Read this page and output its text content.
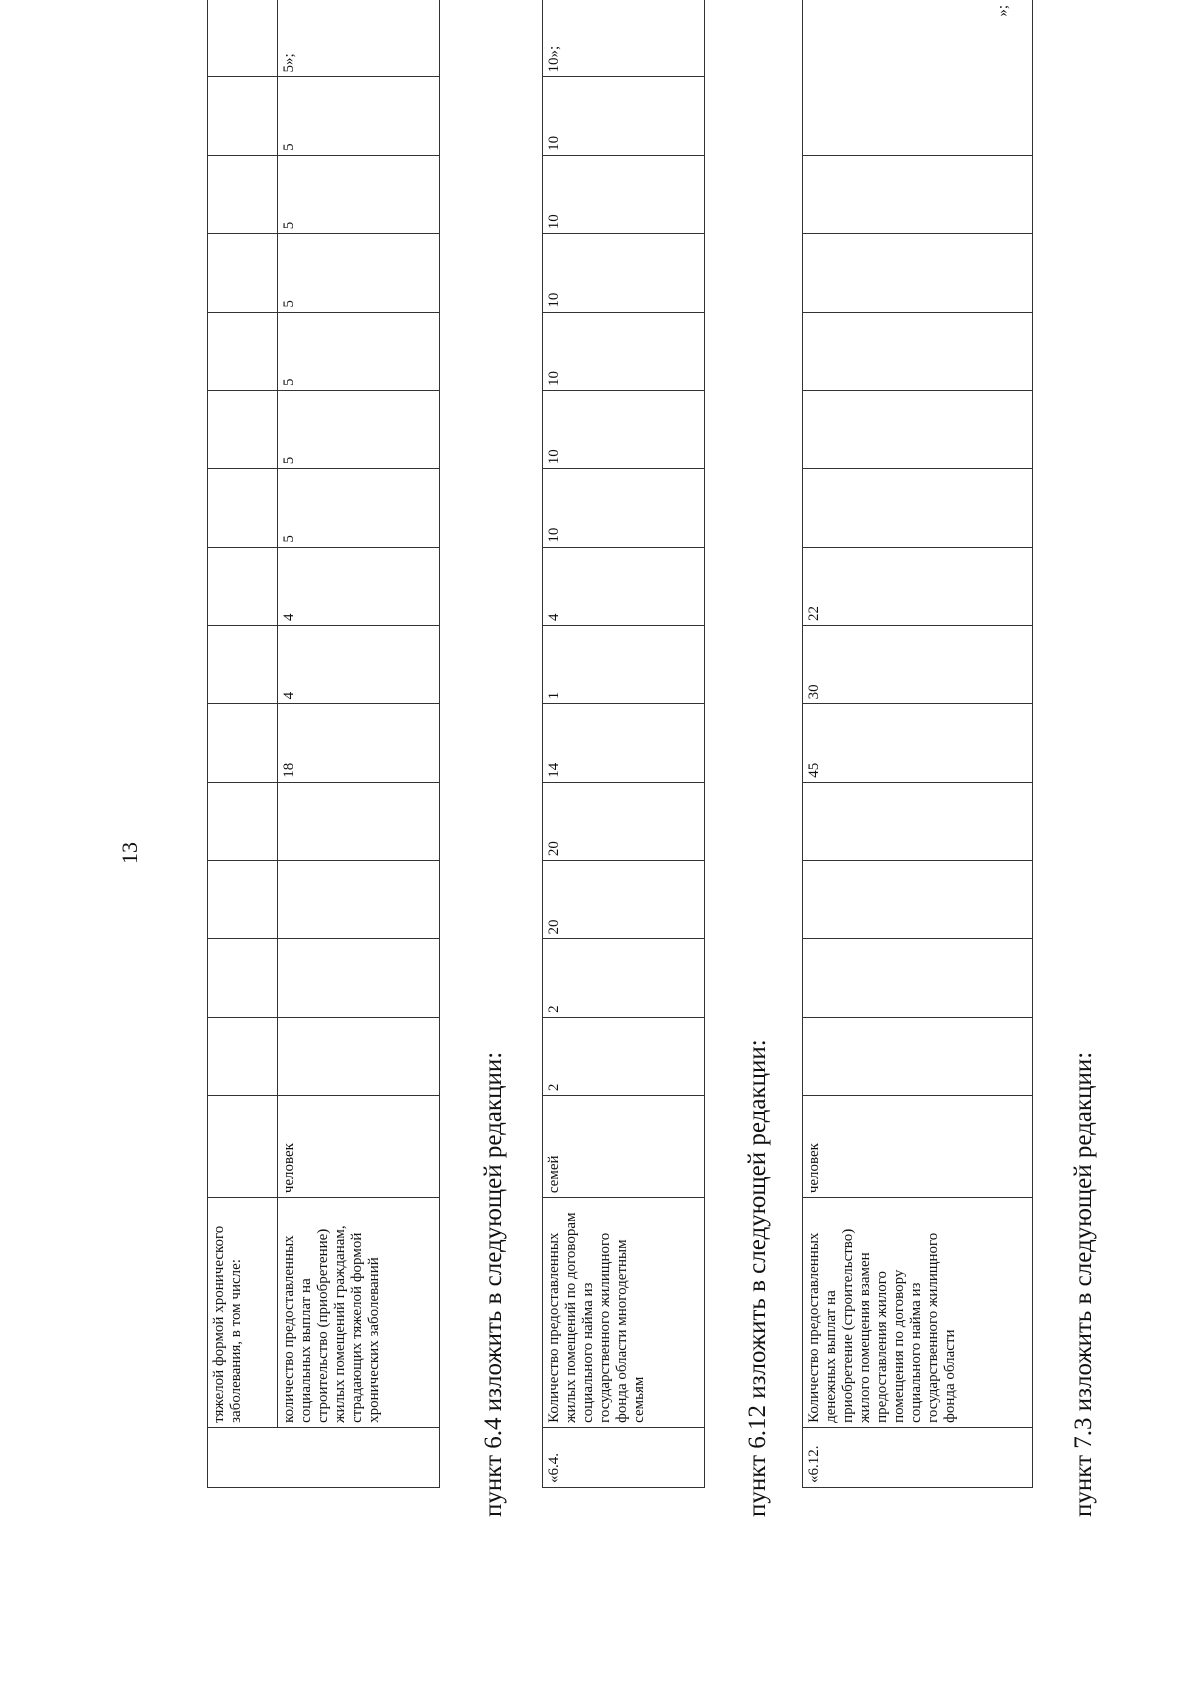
13
	тяжелой формой хронического заболевания, в том числе:															
	количество предоставленных социальных выплат на строительство (приобретение) жилых помещений гражданам, страдающих тяжелой формой хронических заболеваний	человек					18	4	4	5	5	5	5	5	5	5»;
пункт 6.4 изложить в следующей редакции:	«6.4.	Количество предоставленных жилых помещений по договорам социального найма из государственного жилищного фонда области многодетным семьям	семей	2	2	20	20	14	1	4	10	10	10	10	10	10	10»;
пункт 6.12 изложить в следующей редакции: «6.12.	Количество предоставленных денежных выплат на приобретение (строительство) жилого помещения взамен предоставления жилого помещения по договору социального найма из государственного жилищного фонда области	человек					45	30	22						
»;
пункт 7.3 изложить в следующей редакции:
